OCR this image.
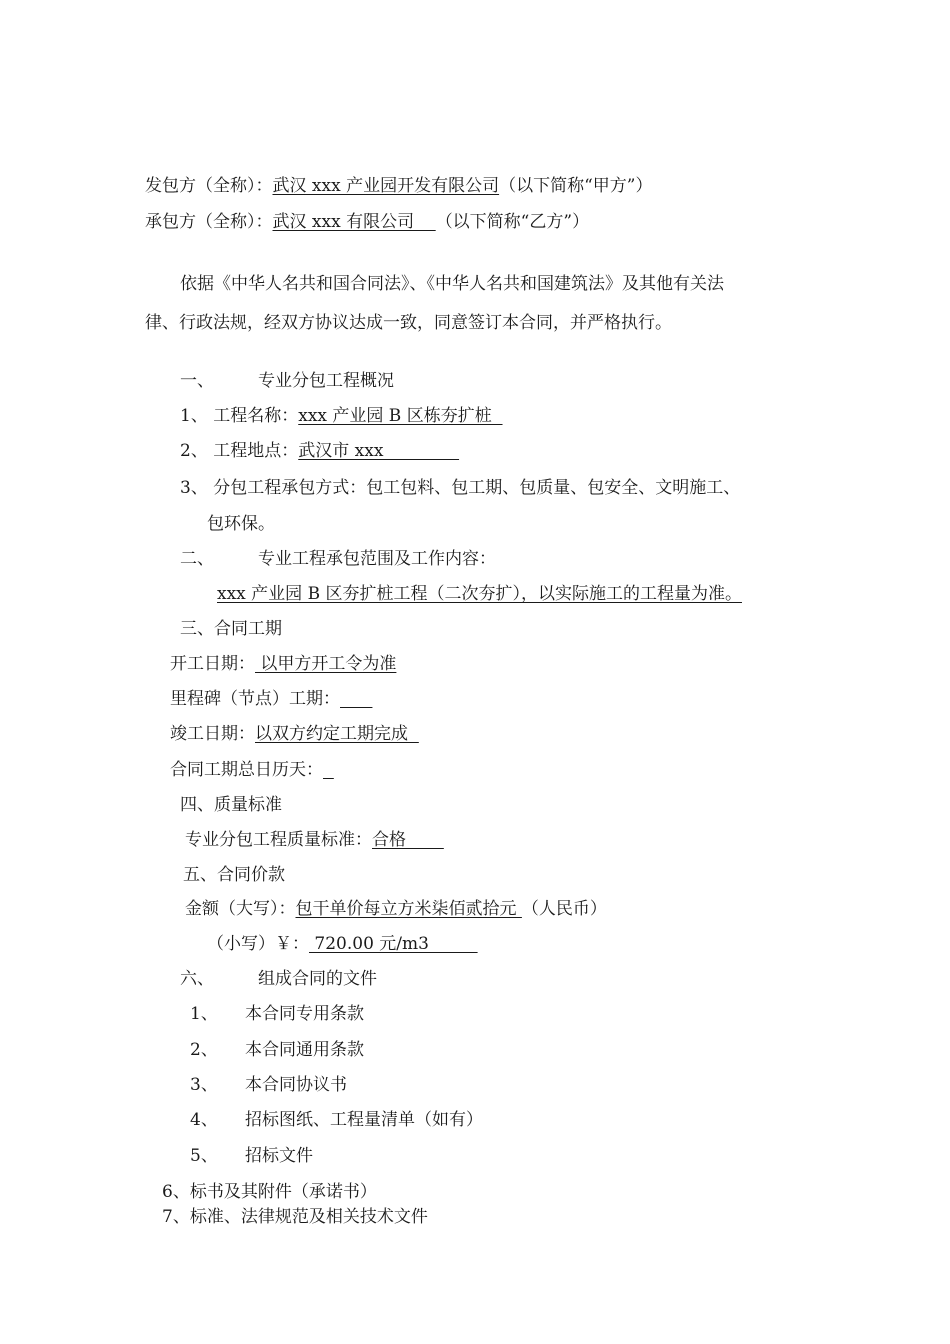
发包方（全称）：武汉 xxx 产业园开发有限公司（以下简称“甲方”）
承包方（全称）：武汉 xxx 有限公司    （以下简称“乙方”）
依据《中华人名共和国合同法》、《中华人名共和国建筑法》及其他有关法
律、行政法规，经双方协议达成一致，同意签订本合同，并严格执行。
一、	专业分包工程概况
1、 工程名称：xxx 产业园 B 区栋夯扩桩
2、 工程地点：武汉市 xxx
3、 分包工程承包方式：包工包料、包工期、包质量、包安全、文明施工、
包环保。
二、	专业工程承包范围及工作内容：
xxx 产业园 B 区夯扩桩工程（二次夯扩），以实际施工的工程量为准。
三、合同工期
开工日期： 以甲方开工令为准
里程碑（节点）工期：
竣工日期：以双方约定工期完成
合同工期总日历天：
四、质量标准
专业分包工程质量标准：合格
五、合同价款
金额（大写）：包干单价每立方米柒佰贰拾元 （人民币）
（小写）￥： 720.00 元/m3
六、	组成合同的文件
1、 本合同专用条款
2、 本合同通用条款
3、 本合同协议书
4、 招标图纸、工程量清单（如有）
5、 招标文件
6、标书及其附件（承诺书）
7、标准、法律规范及相关技术文件
